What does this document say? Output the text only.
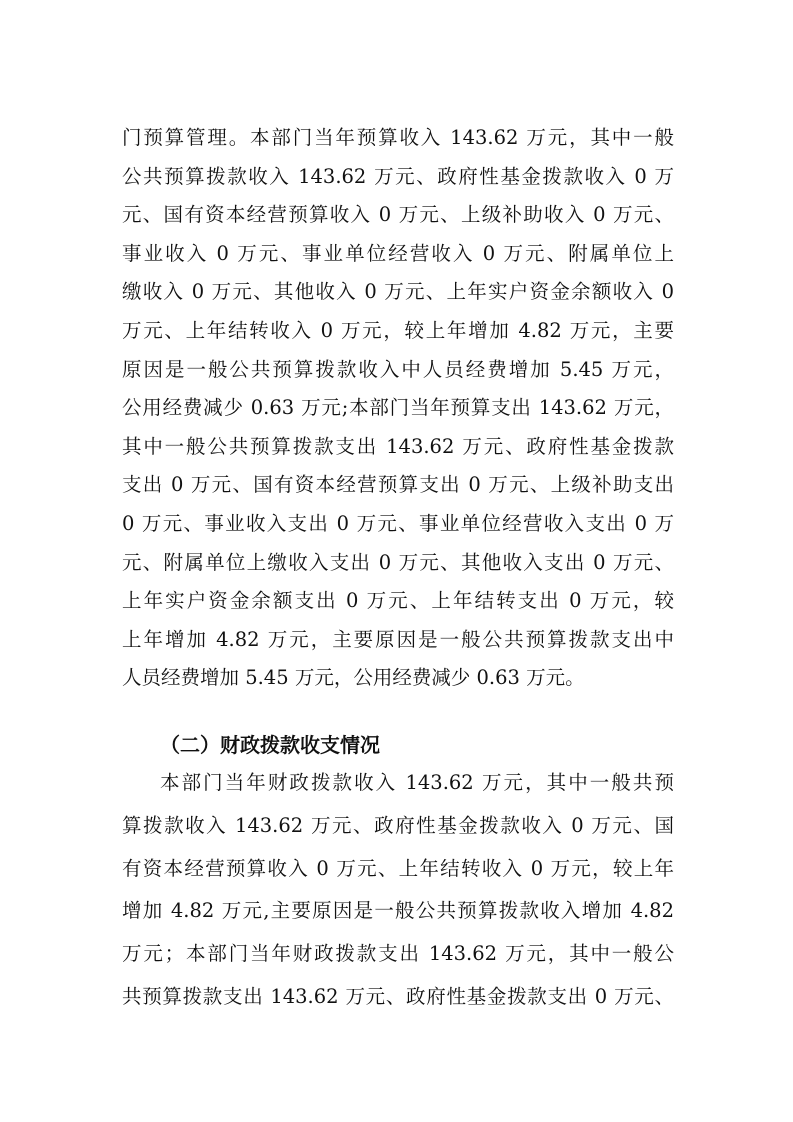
门预算管理。本部门当年预算收入 143.62 万元，其中一般
公共预算拨款收入 143.62 万元、政府性基金拨款收入 0 万
元、国有资本经营预算收入 0 万元、上级补助收入 0 万元、
事业收入 0 万元、事业单位经营收入 0 万元、附属单位上
缴收入 0 万元、其他收入 0 万元、上年实户资金余额收入 0
万元、上年结转收入 0 万元，较上年增加 4.82 万元，主要
原因是一般公共预算拨款收入中人员经费增加 5.45 万元，
公用经费减少 0.63 万元;本部门当年预算支出 143.62 万元，
其中一般公共预算拨款支出 143.62 万元、政府性基金拨款
支出 0 万元、国有资本经营预算支出 0 万元、上级补助支出
0 万元、事业收入支出 0 万元、事业单位经营收入支出 0 万
元、附属单位上缴收入支出 0 万元、其他收入支出 0 万元、
上年实户资金余额支出 0 万元、上年结转支出 0 万元，较
上年增加 4.82 万元，主要原因是一般公共预算拨款支出中
人员经费增加 5.45 万元，公用经费减少 0.63 万元。
（二）财政拨款收支情况
本部门当年财政拨款收入 143.62 万元，其中一般共预
算拨款收入 143.62 万元、政府性基金拨款收入 0 万元、国
有资本经营预算收入 0 万元、上年结转收入 0 万元，较上年
增加 4.82 万元,主要原因是一般公共预算拨款收入增加 4.82
万元；本部门当年财政拨款支出 143.62 万元，其中一般公
共预算拨款支出 143.62 万元、政府性基金拨款支出 0 万元、
